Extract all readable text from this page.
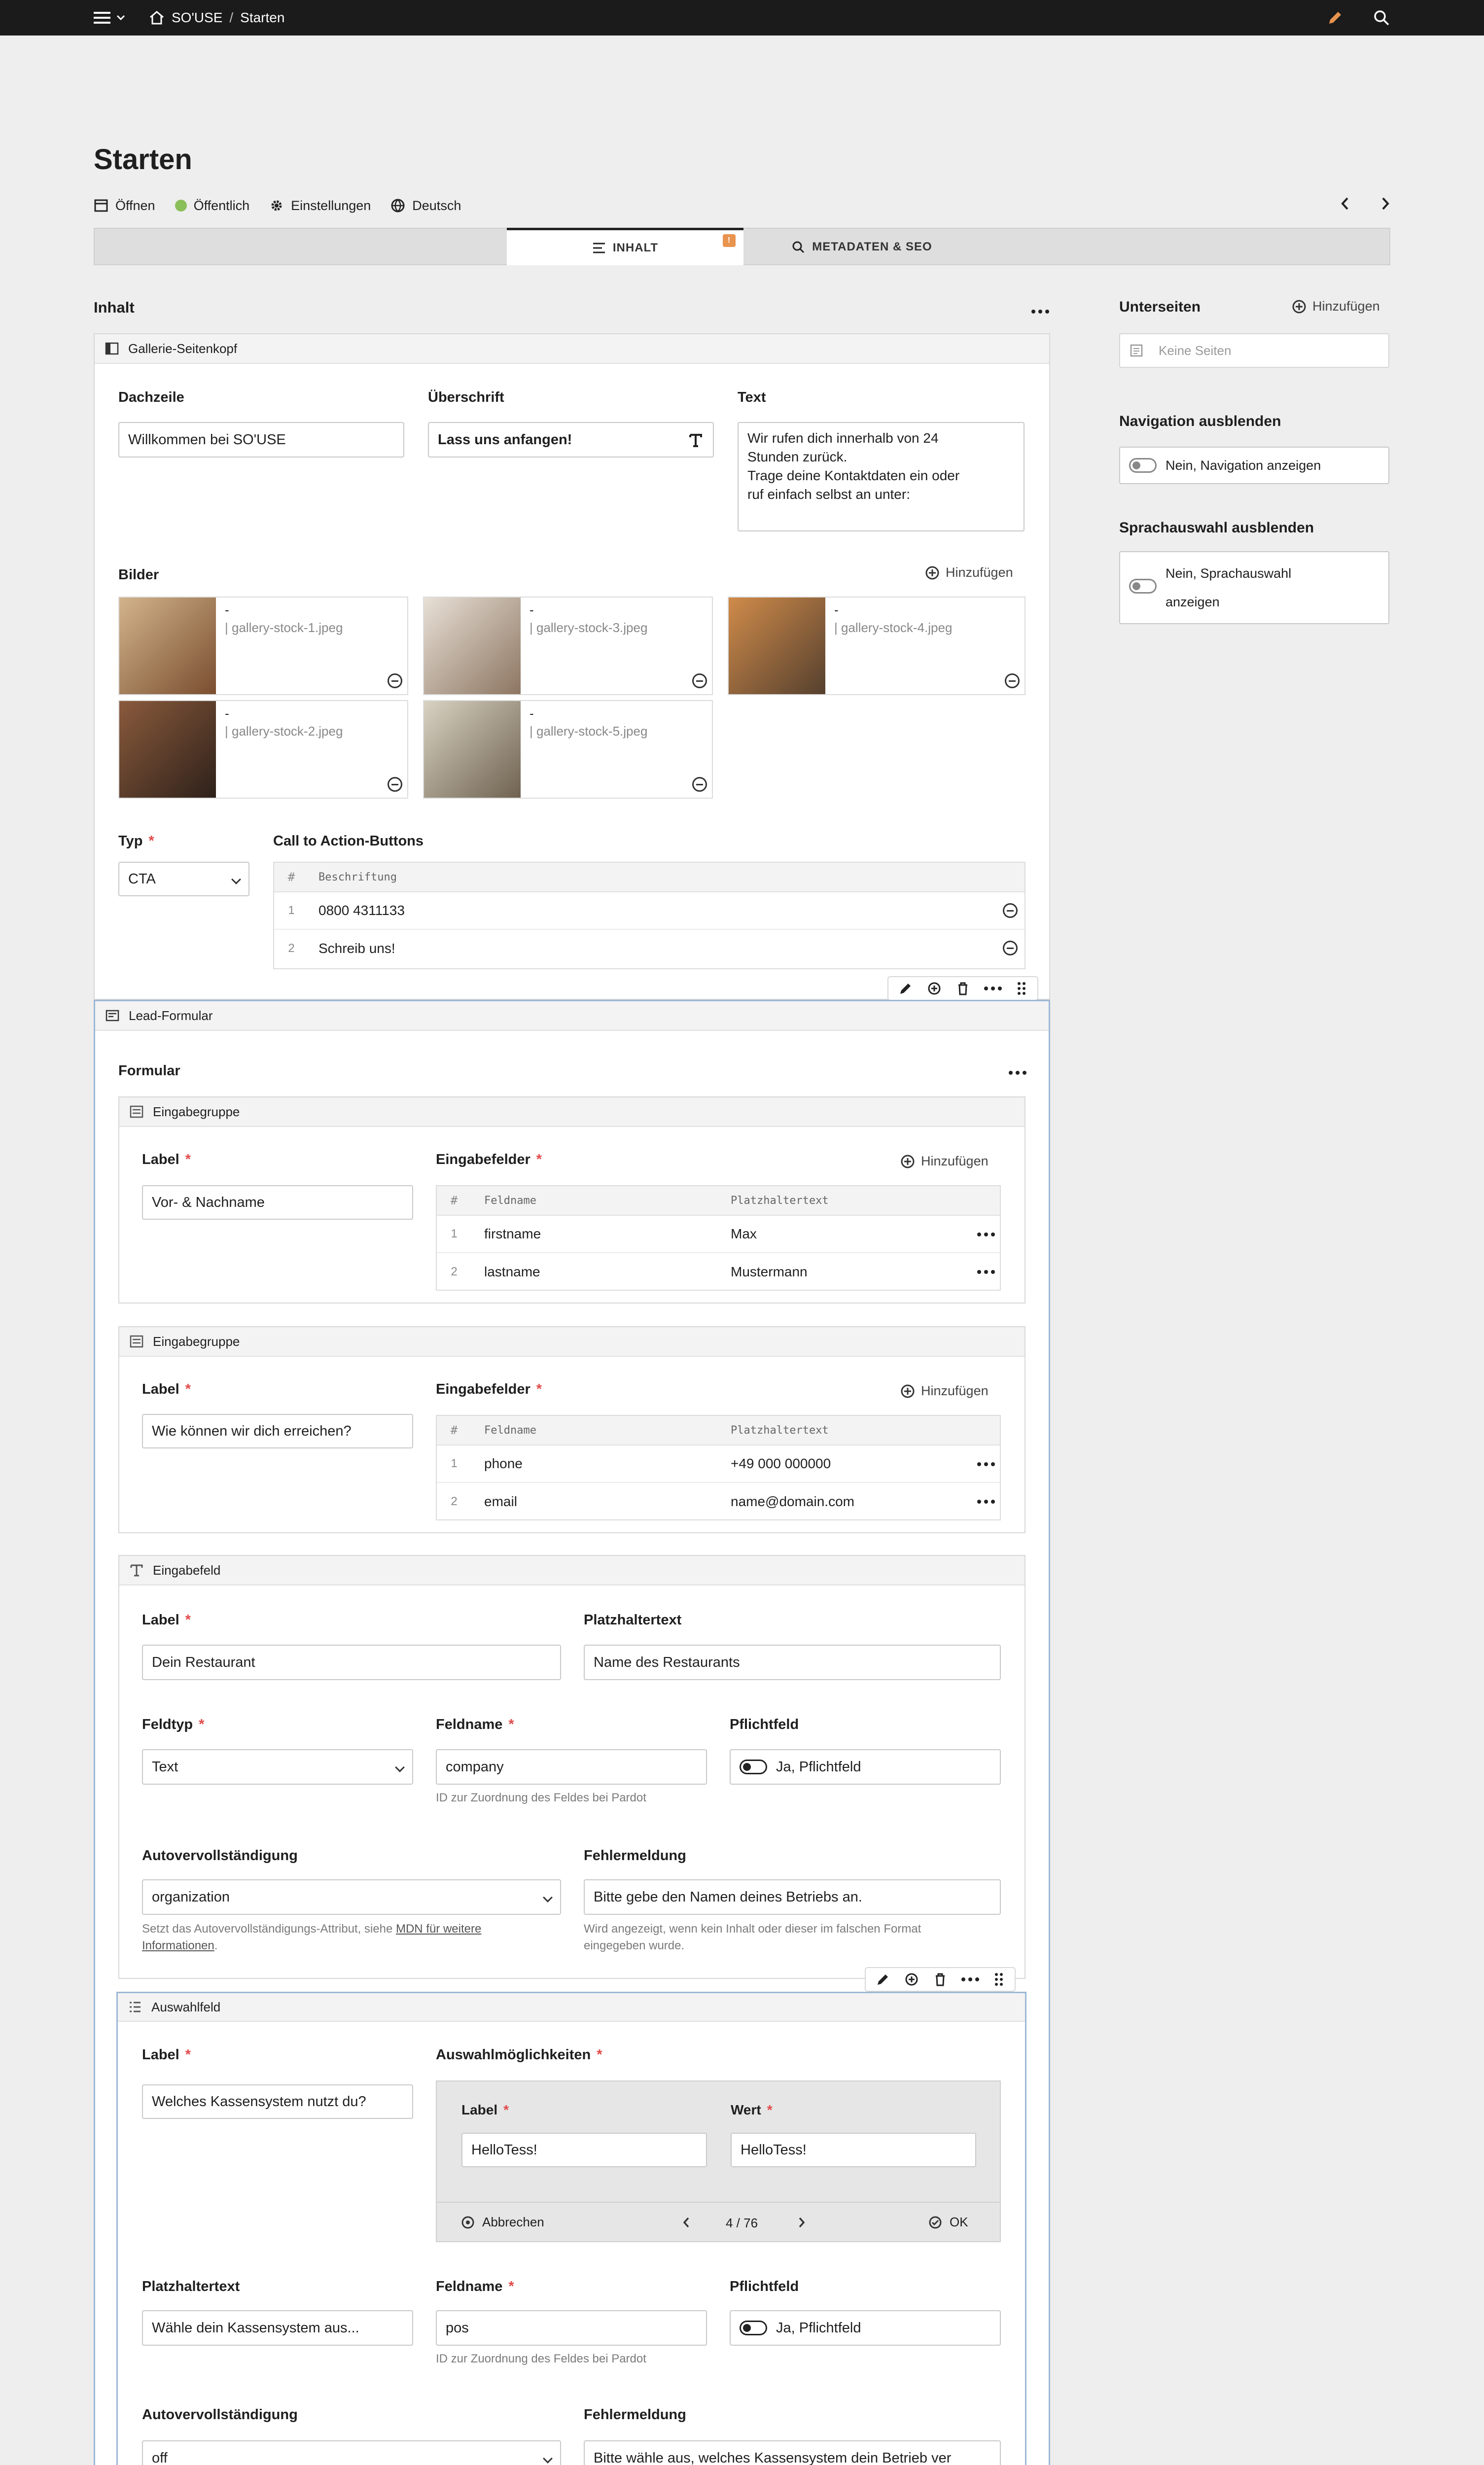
SO'USE / Starten
Starten
Öffnen	Öffentlich	Einstellungen	Deutsch
INHALT
!	METADATEN & SEO
Inhalt	Unterseiten	Hinzufügen
Keine Seiten
Navigation ausblenden
Nein, Navigation anzeigen
Sprachauswahl ausblenden
Nein, Sprachauswahl
anzeigen
Gallerie-Seitenkopf
Dachzeile
Willkommen bei SO'USE
Überschrift
Lass uns anfangen!
Text
Wir rufen dich innerhalb von 24
Stunden zurück.
Trage deine Kontaktdaten ein oder
ruf einfach selbst an unter:
Bilder	Hinzufügen
-
| gallery-stock-1.jpeg
-
| gallery-stock-3.jpeg
-
| gallery-stock-4.jpeg
-
| gallery-stock-2.jpeg
-
| gallery-stock-5.jpeg
Typ *
CTA
Call to Action-Buttons
#	Beschriftung
1	0800 4311133
2	Schreib uns!
Lead-Formular
Formular
Eingabegruppe
Label *
Vor- & Nachname
Eingabefelder *	Hinzufügen
#	Feldname	Platzhaltertext
1	firstname	Max
2	lastname	Mustermann
Eingabegruppe
Label *
Wie können wir dich erreichen?
Eingabefelder *	Hinzufügen
#	Feldname	Platzhaltertext
1	phone	+49 000 000000
2	email	name@domain.com
Eingabefeld
Label *
Dein Restaurant
Platzhaltertext
Name des Restaurants
Feldtyp *
Text
Feldname *
company
ID zur Zuordnung des Feldes bei Pardot
Pflichtfeld
Ja, Pflichtfeld
Autovervollständigung
organization
Setzt das Autovervollständigungs-Attribut, siehe MDN für weitere
Informationen.
Fehlermeldung
Bitte gebe den Namen deines Betriebs an.
Wird angezeigt, wenn kein Inhalt oder dieser im falschen Format
eingegeben wurde.
Auswahlfeld
Label *
Welches Kassensystem nutzt du?
Auswahlmöglichkeiten *
Label *
HelloTess!
Wert *
HelloTess!
Abbrechen	4 / 76	OK
Platzhaltertext
Wähle dein Kassensystem aus...
Feldname *
pos
ID zur Zuordnung des Feldes bei Pardot
Pflichtfeld
Ja, Pflichtfeld
Autovervollständigung
off

Fehlermeldung
Bitte wähle aus, welches Kassensystem dein Betrieb ver
